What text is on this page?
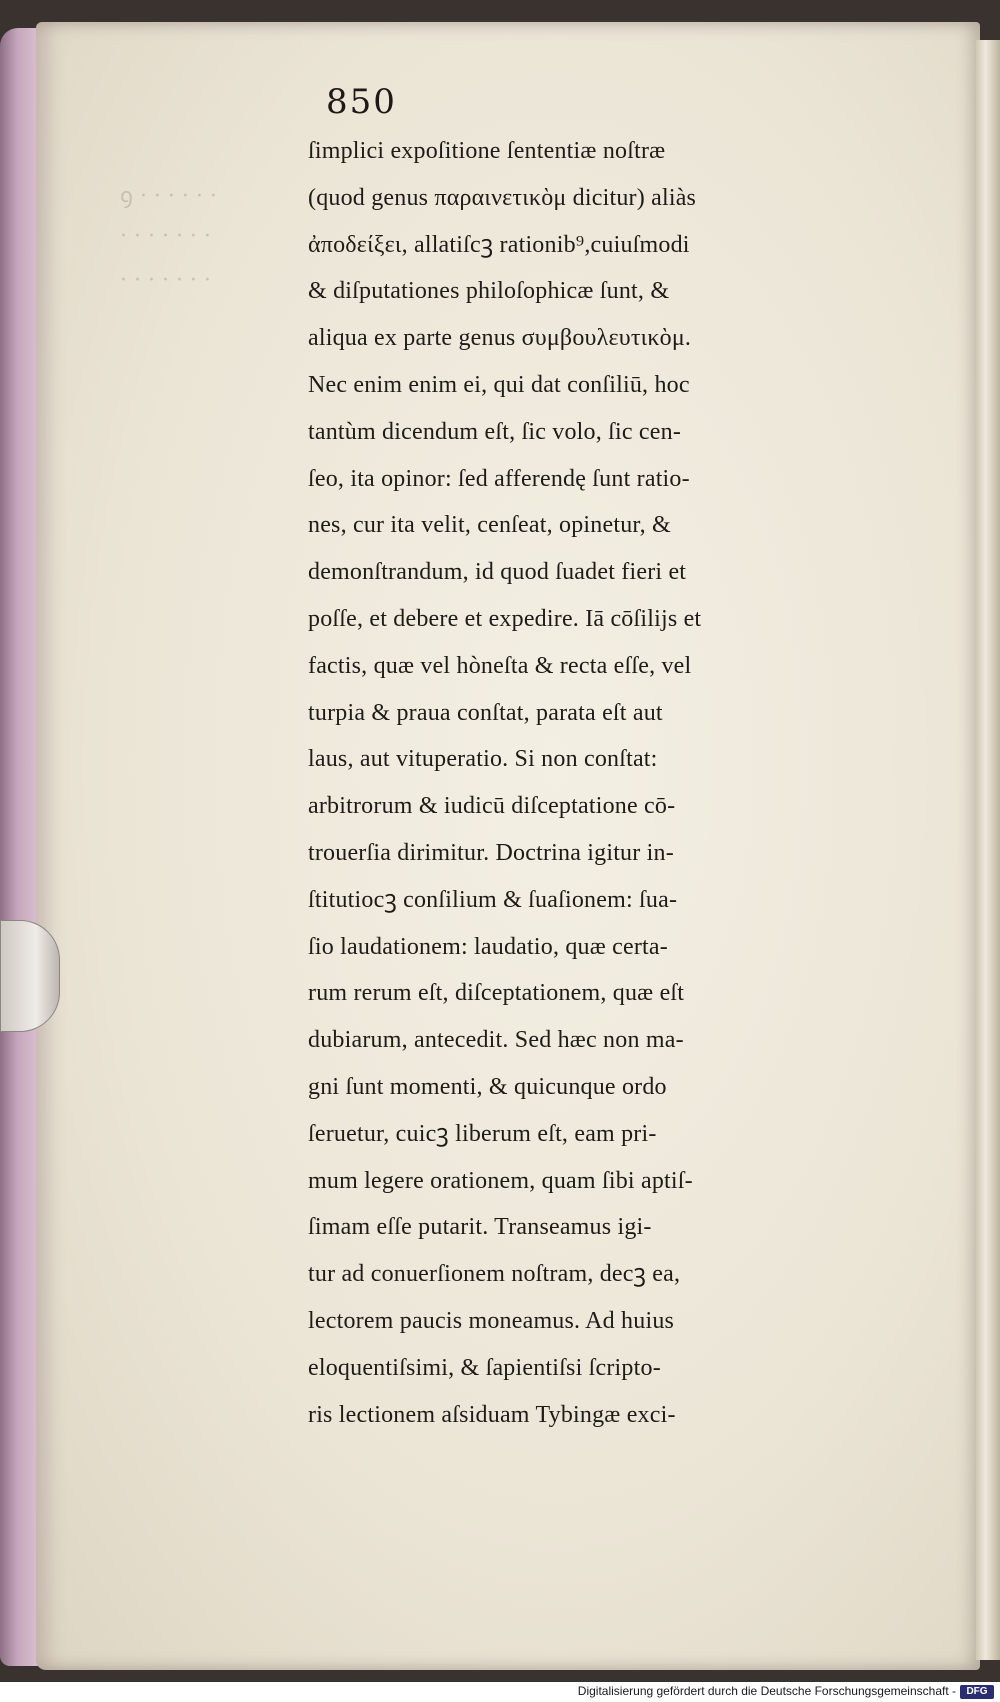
ꝯ · · · · · ·
· · · · · · ·
· · · · · · ·
850
ſimplici expoſitione ſententiæ noſtræ
(quod genus παραινετικὸμ dicitur) aliàs
ἀποδείξει, allatiſcꝫ rationib⁹,cuiuſmodi
& diſputationes philoſophicæ ſunt, &
aliqua ex parte genus συμβουλευτικὸμ.
Nec enim enim ei, qui dat conſiliū, hoc
tantùm dicendum eſt, ſic volo, ſic cen-
ſeo, ita opinor: ſed afferendę ſunt ratio-
nes, cur ita velit, cenſeat, opinetur, &
demonſtrandum, id quod ſuadet fieri et
poſſe, et debere et expedire. Iā cōſilijs et
factis, quæ vel hòneſta & recta eſſe, vel
turpia & praua conſtat, parata eſt aut
laus, aut vituperatio. Si non conſtat:
arbitrorum & iudicū diſceptatione cō-
trouerſia dirimitur. Doctrina igitur in-
ſtitutiocꝫ conſilium & ſuaſionem: ſua-
ſio laudationem: laudatio, quæ certa-
rum rerum eſt, diſceptationem, quæ eſt
dubiarum, antecedit. Sed hæc non ma-
gni ſunt momenti, & quicunque ordo
ſeruetur, cuicꝫ liberum eſt, eam pri-
mum legere orationem, quam ſibi aptiſ-
ſimam eſſe putarit. Transeamus igi-
tur ad conuerſionem noſtram, decꝫ ea,
lectorem paucis moneamus. Ad huius
eloquentiſsimi, & ſapientiſsi ſcripto-
ris lectionem aſsiduam Tybingæ exci-
Digitalisierung gefördert durch die Deutsche Forschungsgemeinschaft -	DFG
